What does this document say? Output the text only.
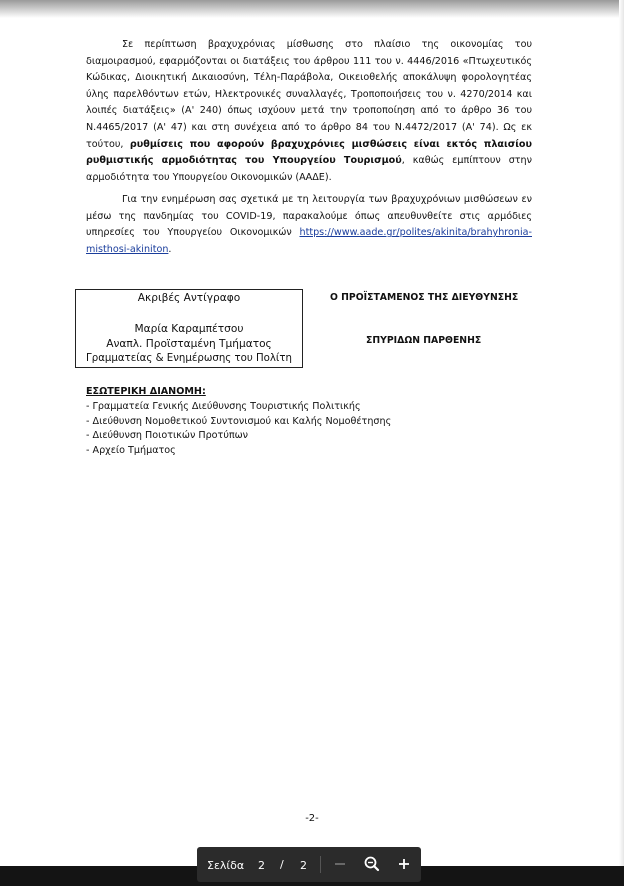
Σε περίπτωση βραχυχρόνιας μίσθωσης στο πλαίσιο της οικονομίας του διαμοιρασμού, εφαρμόζονται οι διατάξεις του άρθρου 111 του ν. 4446/2016 «Πτωχευτικός Κώδικας, Διοικητική Δικαιοσύνη, Τέλη-Παράβολα, Οικειοθελής αποκάλυψη φορολογητέας ύλης παρελθόντων ετών, Ηλεκτρονικές συναλλαγές, Τροποποιήσεις του ν. 4270/2014 και λοιπές διατάξεις» (Α' 240) όπως ισχύουν μετά την τροποποίηση από το άρθρο 36 του Ν.4465/2017 (Α' 47) και στη συνέχεια από το άρθρο 84 του Ν.4472/2017 (Α' 74). Ως εκ τούτου, ρυθμίσεις που αφορούν βραχυχρόνιες μισθώσεις είναι εκτός πλαισίου ρυθμιστικής αρμοδιότητας του Υπουργείου Τουρισμού, καθώς εμπίπτουν στην αρμοδιότητα του Υπουργείου Οικονομικών (ΑΑΔΕ).

Για την ενημέρωση σας σχετικά με τη λειτουργία των βραχυχρόνιων μισθώσεων εν μέσω της πανδημίας του COVID-19, παρακαλούμε όπως απευθυνθείτε στις αρμόδιες υπηρεσίες του Υπουργείου Οικονομικών https://www.aade.gr/polites/akinita/brahyhronia-misthosi-akiniton.

Ακριβές Αντίγραφο
Μαρία Καραμπέτσου
Αναπλ. Προϊσταμένη Τμήματος
Γραμματείας & Ενημέρωσης του Πολίτη
Ο ΠΡΟΪΣΤΑΜΕΝΟΣ ΤΗΣ ΔΙΕΥΘΥΝΣΗΣ
ΣΠΥΡΙΔΩΝ ΠΑΡΘΕΝΗΣ
ΕΣΩΤΕΡΙΚΗ ΔΙΑΝΟΜΗ:
- Γραμματεία Γενικής Διεύθυνσης Τουριστικής Πολιτικής
- Διεύθυνση Νομοθετικού Συντονισμού και Καλής Νομοθέτησης
- Διεύθυνση Ποιοτικών Προτύπων
- Αρχείο Τμήματος
-2-
Σελίδα 2 / 2
